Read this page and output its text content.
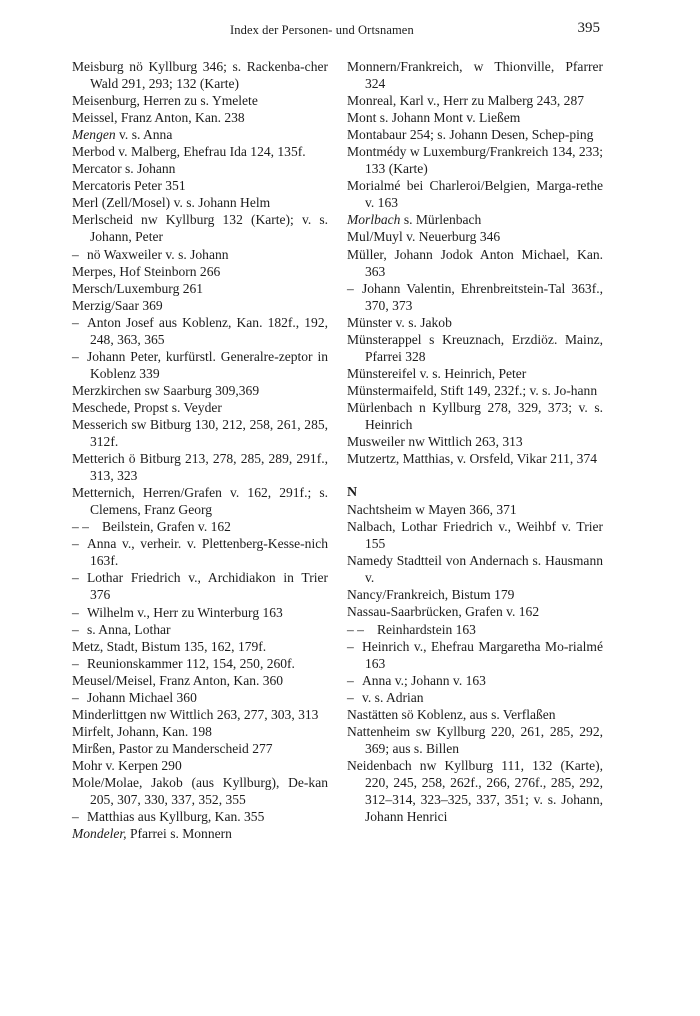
Index der Personen- und Ortsnamen	395

Meisburg nö Kyllburg 346; s. Rackenba-cher Wald 291, 293; 132 (Karte)

Meisenburg, Herren zu s. Ymelete

Meissel, Franz Anton, Kan. 238

Mengen v. s. Anna

Merbod v. Malberg, Ehefrau Ida 124, 135f.

Mercator s. Johann

Mercatoris Peter 351

Merl (Zell/Mosel) v. s. Johann Helm

Merlscheid nw Kyllburg 132 (Karte); v. s. Johann, Peter

– nö Waxweiler v. s. Johann

Merpes, Hof Steinborn 266

Mersch/Luxemburg 261

Merzig/Saar 369

– Anton Josef aus Koblenz, Kan. 182f., 192, 248, 363, 365

– Johann Peter, kurfürstl. Generalre-zeptor in Koblenz 339

Merzkirchen sw Saarburg 309,369

Meschede, Propst s. Veyder

Messerich sw Bitburg 130, 212, 258, 261, 285, 312f.

Metterich ö Bitburg 213, 278, 285, 289, 291f., 313, 323

Metternich, Herren/Grafen v. 162, 291f.; s. Clemens, Franz Georg

– – Beilstein, Grafen v. 162

– Anna v., verheir. v. Plettenberg-Kesse-nich 163f.

– Lothar Friedrich v., Archidiakon in Trier 376

– Wilhelm v., Herr zu Winterburg 163

– s. Anna, Lothar

Metz, Stadt, Bistum 135, 162, 179f.

– Reunionskammer 112, 154, 250, 260f.

Meusel/Meisel, Franz Anton, Kan. 360

– Johann Michael 360

Minderlittgen nw Wittlich 263, 277, 303, 313

Mirfelt, Johann, Kan. 198

Mirßen, Pastor zu Manderscheid 277

Mohr v. Kerpen 290

Mole/Molae, Jakob (aus Kyllburg), De-kan 205, 307, 330, 337, 352, 355

– Matthias aus Kyllburg, Kan. 355

Mondeler, Pfarrei s. Monnern

Monnern/Frankreich, w Thionville, Pfarrer 324

Monreal, Karl v., Herr zu Malberg 243, 287

Mont s. Johann Mont v. Ließem

Montabaur 254; s. Johann Desen, Schep-ping

Montmédy w Luxemburg/Frankreich 134, 233; 133 (Karte)

Morialmé bei Charleroi/Belgien, Marga-rethe v. 163

Morlbach s. Mürlenbach

Mul/Muyl v. Neuerburg 346

Müller, Johann Jodok Anton Michael, Kan. 363

– Johann Valentin, Ehrenbreitstein-Tal 363f., 370, 373

Münster v. s. Jakob

Münsterappel s Kreuznach, Erzdiöz. Mainz, Pfarrei 328

Münstereifel v. s. Heinrich, Peter

Münstermaifeld, Stift 149, 232f.; v. s. Jo-hann

Mürlenbach n Kyllburg 278, 329, 373; v. s. Heinrich

Musweiler nw Wittlich 263, 313

Mutzertz, Matthias, v. Orsfeld, Vikar 211, 374

N

Nachtsheim w Mayen 366, 371

Nalbach, Lothar Friedrich v., Weihbf v. Trier 155

Namedy Stadtteil von Andernach s. Hausmann v.

Nancy/Frankreich, Bistum 179

Nassau-Saarbrücken, Grafen v. 162

– – Reinhardstein 163

– Heinrich v., Ehefrau Margaretha Mo-rialmé 163

– Anna v.; Johann v. 163

– v. s. Adrian

Nastätten sö Koblenz, aus s. Verflaßen

Nattenheim sw Kyllburg 220, 261, 285, 292, 369; aus s. Billen

Neidenbach nw Kyllburg 111, 132 (Karte), 220, 245, 258, 262f., 266, 276f., 285, 292, 312–314, 323–325, 337, 351; v. s. Johann, Johann Henrici
